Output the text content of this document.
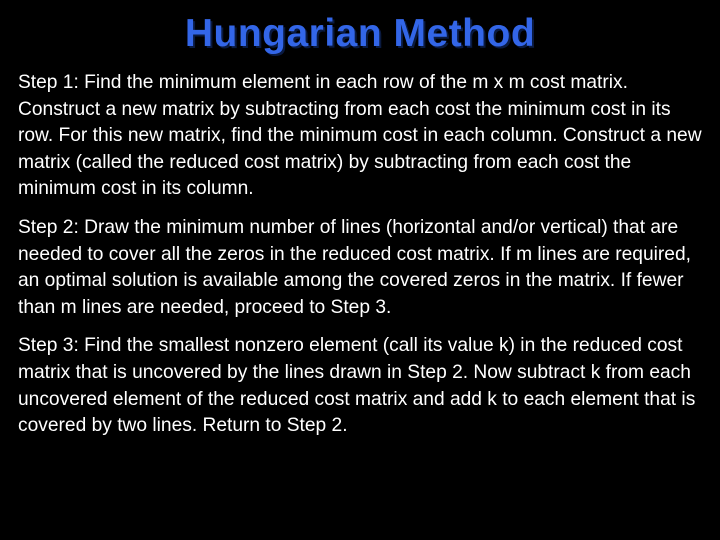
Hungarian Method

Step 1: Find the minimum element in each row of the m x m cost matrix. Construct a new matrix by subtracting from each cost the minimum cost in its row. For this new matrix, find the minimum cost in each column. Construct a new matrix (called the reduced cost matrix) by subtracting from each cost the minimum cost in its column.

Step 2: Draw the minimum number of lines (horizontal and/or vertical) that are needed to cover all the zeros in the reduced cost matrix. If m lines are required, an optimal solution is available among the covered zeros in the matrix. If fewer than m lines are needed, proceed to Step 3.

Step 3: Find the smallest nonzero element (call its value k) in the reduced cost matrix that is uncovered by the lines drawn in Step 2. Now subtract k from each uncovered element of the reduced cost matrix and add k to each element that is covered by two lines. Return to Step 2.
